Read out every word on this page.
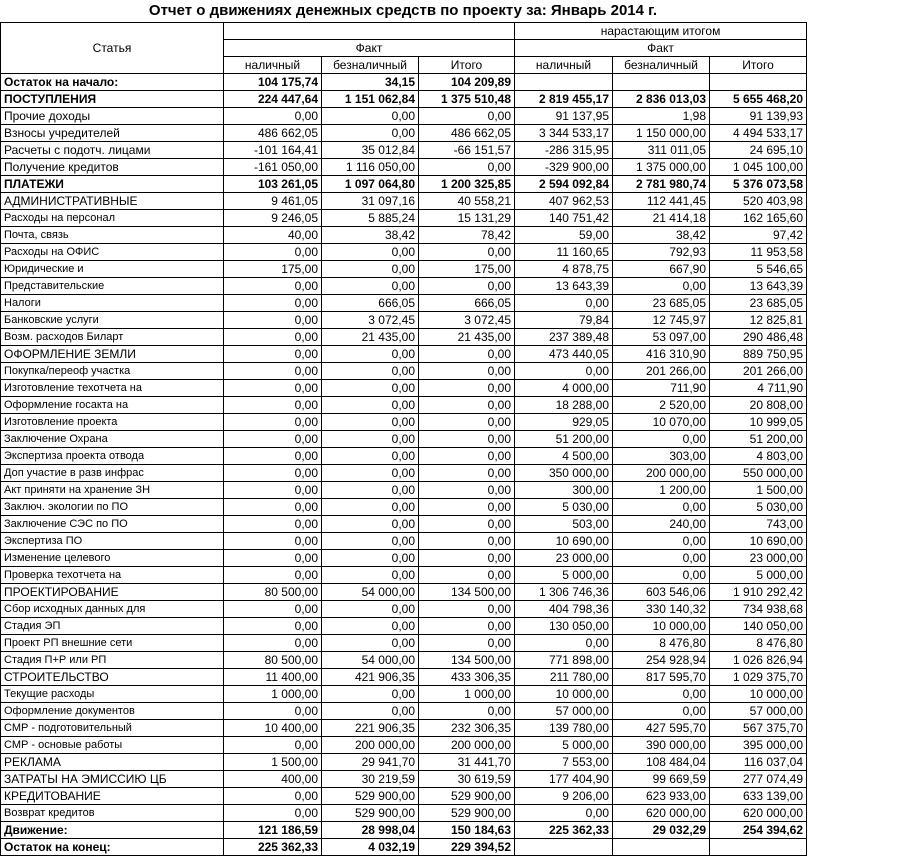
Отчет о движениях денежных средств по проекту за: Январь 2014 г.
Статья				нарастающим итогом		
	Факт			Факт		
	наличный	безналичный	Итого	наличный	безналичный	Итого
Остаток на начало:	104 175,74	34,15	104 209,89			
ПОСТУПЛЕНИЯ	224 447,64	1 151 062,84	1 375 510,48	2 819 455,17	2 836 013,03	5 655 468,20
Прочие доходы	0,00	0,00	0,00	91 137,95	1,98	91 139,93
Взносы учредителей	486 662,05	0,00	486 662,05	3 344 533,17	1 150 000,00	4 494 533,17
Расчеты с подотч. лицами	-101 164,41	35 012,84	-66 151,57	-286 315,95	311 011,05	24 695,10
Получение кредитов	-161 050,00	1 116 050,00	0,00	-329 900,00	1 375 000,00	1 045 100,00
ПЛАТЕЖИ	103 261,05	1 097 064,80	1 200 325,85	2 594 092,84	2 781 980,74	5 376 073,58
АДМИНИСТРАТИВНЫЕ	9 461,05	31 097,16	40 558,21	407 962,53	112 441,45	520 403,98
Расходы на персонал	9 246,05	5 885,24	15 131,29	140 751,42	21 414,18	162 165,60
Почта, связь	40,00	38,42	78,42	59,00	38,42	97,42
Расходы на ОФИС	0,00	0,00	0,00	11 160,65	792,93	11 953,58
Юридические и	175,00	0,00	175,00	4 878,75	667,90	5 546,65
Представительские	0,00	0,00	0,00	13 643,39	0,00	13 643,39
Налоги	0,00	666,05	666,05	0,00	23 685,05	23 685,05
Банковские услуги	0,00	3 072,45	3 072,45	79,84	12 745,97	12 825,81
Возм. расходов Биларт	0,00	21 435,00	21 435,00	237 389,48	53 097,00	290 486,48
ОФОРМЛЕНИЕ ЗЕМЛИ	0,00	0,00	0,00	473 440,05	416 310,90	889 750,95
Покупка/переоф участка	0,00	0,00	0,00	0,00	201 266,00	201 266,00
Изготовление техотчета на	0,00	0,00	0,00	4 000,00	711,90	4 711,90
Оформление госакта на	0,00	0,00	0,00	18 288,00	2 520,00	20 808,00
Изготовление проекта	0,00	0,00	0,00	929,05	10 070,00	10 999,05
Заключение Охрана	0,00	0,00	0,00	51 200,00	0,00	51 200,00
Экспертиза проекта отвода	0,00	0,00	0,00	4 500,00	303,00	4 803,00
Доп участие в разв инфрас	0,00	0,00	0,00	350 000,00	200 000,00	550 000,00
Акт приняти на хранение ЗН	0,00	0,00	0,00	300,00	1 200,00	1 500,00
Заключ. экологии по ПО	0,00	0,00	0,00	5 030,00	0,00	5 030,00
Заключение СЭС по ПО	0,00	0,00	0,00	503,00	240,00	743,00
Экспертиза ПО	0,00	0,00	0,00	10 690,00	0,00	10 690,00
Изменение целевого	0,00	0,00	0,00	23 000,00	0,00	23 000,00
Проверка техотчета на	0,00	0,00	0,00	5 000,00	0,00	5 000,00
ПРОЕКТИРОВАНИЕ	80 500,00	54 000,00	134 500,00	1 306 746,36	603 546,06	1 910 292,42
Сбор исходных данных для	0,00	0,00	0,00	404 798,36	330 140,32	734 938,68
Стадия ЭП	0,00	0,00	0,00	130 050,00	10 000,00	140 050,00
Проект РП внешние сети	0,00	0,00	0,00	0,00	8 476,80	8 476,80
Стадия П+Р или РП	80 500,00	54 000,00	134 500,00	771 898,00	254 928,94	1 026 826,94
СТРОИТЕЛЬСТВО	11 400,00	421 906,35	433 306,35	211 780,00	817 595,70	1 029 375,70
Текущие расходы	1 000,00	0,00	1 000,00	10 000,00	0,00	10 000,00
Оформление документов	0,00	0,00	0,00	57 000,00	0,00	57 000,00
СМР - подготовительный	10 400,00	221 906,35	232 306,35	139 780,00	427 595,70	567 375,70
СМР - основые работы	0,00	200 000,00	200 000,00	5 000,00	390 000,00	395 000,00
РЕКЛАМА	1 500,00	29 941,70	31 441,70	7 553,00	108 484,04	116 037,04
ЗАТРАТЫ НА ЭМИССИЮ ЦБ	400,00	30 219,59	30 619,59	177 404,90	99 669,59	277 074,49
КРЕДИТОВАНИЕ	0,00	529 900,00	529 900,00	9 206,00	623 933,00	633 139,00
Возврат кредитов	0,00	529 900,00	529 900,00	0,00	620 000,00	620 000,00
Движение:	121 186,59	28 998,04	150 184,63	225 362,33	29 032,29	254 394,62
Остаток на конец:	225 362,33	4 032,19	229 394,52			
